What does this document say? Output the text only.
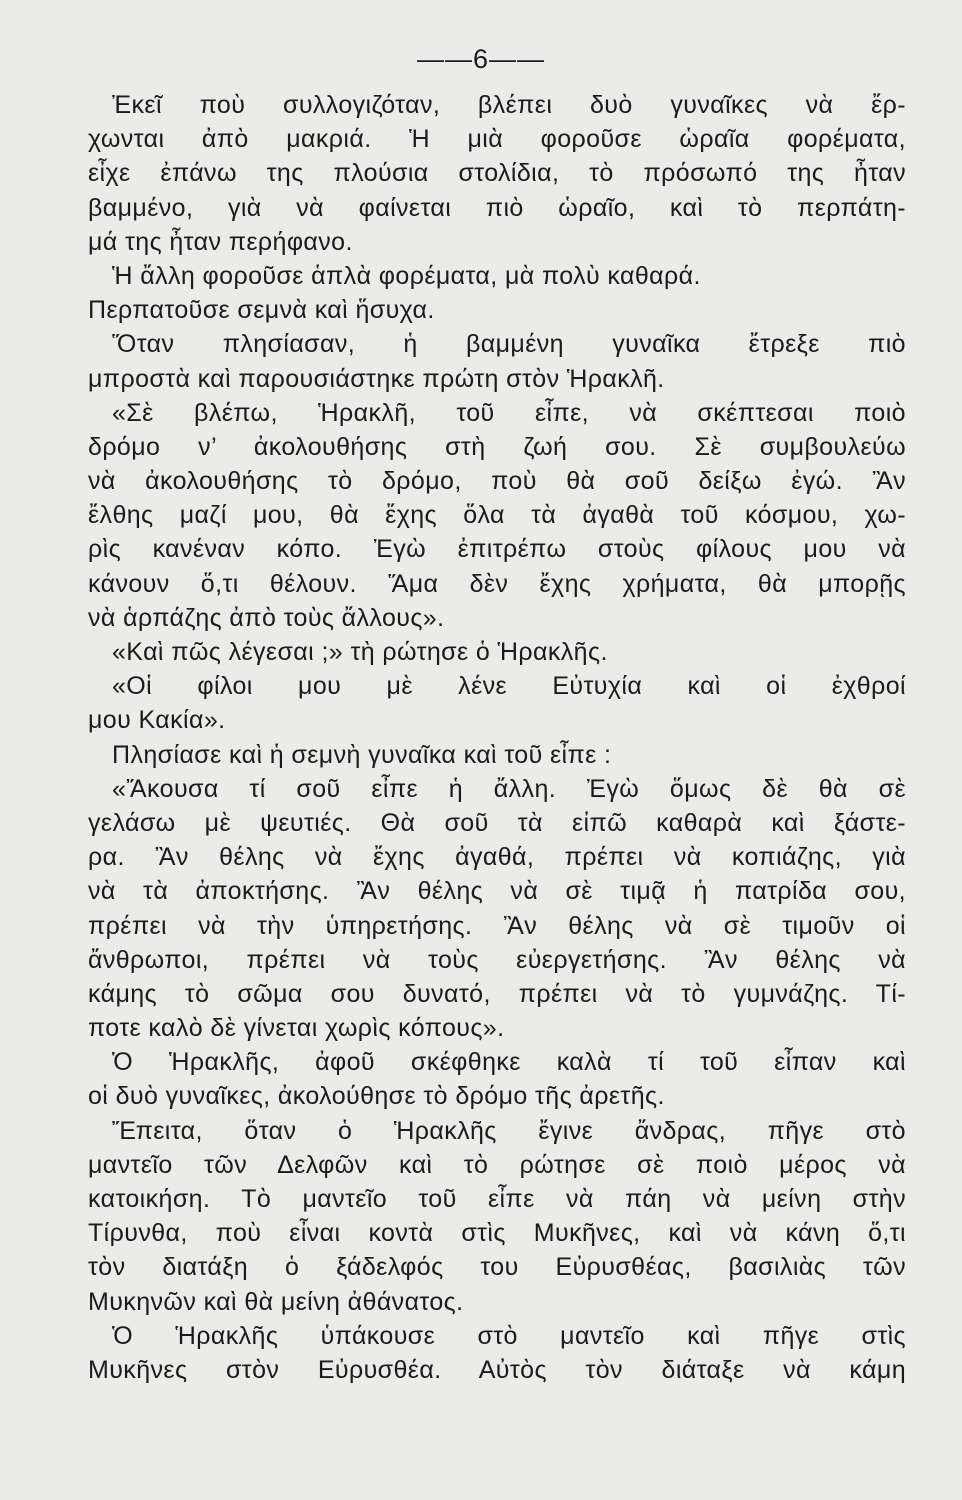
——6——
Ἐκεῖ ποὺ συλλογιζόταν, βλέπει δυὸ γυναῖκες νὰ ἔρ-
χωνται ἀπὸ μακριά. Ἡ μιὰ φοροῦσε ὡραῖα φορέματα,
εἶχε ἐπάνω της πλούσια στολίδια, τὸ πρόσωπό της ἦταν
βαμμένο, γιὰ νὰ φαίνεται πιὸ ὡραῖο, καὶ τὸ περπάτη-
μά της ἦταν περήφανο.
Ἡ ἄλλη φοροῦσε ἁπλὰ φορέματα, μὰ πολὺ καθαρά.
Περπατοῦσε σεμνὰ καὶ ἥσυχα.
Ὅταν πλησίασαν, ἡ βαμμένη γυναῖκα ἔτρεξε πιὸ
μπροστὰ καὶ παρουσιάστηκε πρώτη στὸν Ἡρακλῆ.
«Σὲ βλέπω, Ἡρακλῆ, τοῦ εἶπε, νὰ σκέπτεσαι ποιὸ
δρόμο ν’ ἀκολουθήσης στὴ ζωή σου. Σὲ συμβουλεύω
νὰ ἀκολουθήσης τὸ δρόμο, ποὺ θὰ σοῦ δείξω ἐγώ. Ἂν
ἔλθης μαζί μου, θὰ ἔχης ὅλα τὰ ἀγαθὰ τοῦ κόσμου, χω-
ρὶς κανέναν κόπο. Ἐγὼ ἐπιτρέπω στοὺς φίλους μου νὰ
κάνουν ὅ,τι θέλουν. Ἅμα δὲν ἔχης χρήματα, θὰ μπορῇς
νὰ ἁρπάζης ἀπὸ τοὺς ἄλλους».
«Καὶ πῶς λέγεσαι ;» τὴ ρώτησε ὁ Ἡρακλῆς.
«Οἱ φίλοι μου μὲ λένε Εὐτυχία καὶ οἱ ἐχθροί
μου Κακία».
Πλησίασε καὶ ἡ σεμνὴ γυναῖκα καὶ τοῦ εἶπε :
«Ἄκουσα τί σοῦ εἶπε ἡ ἄλλη. Ἐγὼ ὅμως δὲ θὰ σὲ
γελάσω μὲ ψευτιές. Θὰ σοῦ τὰ εἰπῶ καθαρὰ καὶ ξάστε-
ρα. Ἂν θέλης νὰ ἔχης ἀγαθά, πρέπει νὰ κοπιάζης, γιὰ
νὰ τὰ ἀποκτήσης. Ἂν θέλης νὰ σὲ τιμᾷ ἡ πατρίδα σου,
πρέπει νὰ τὴν ὑπηρετήσης. Ἂν θέλης νὰ σὲ τιμοῦν οἱ
ἄνθρωποι, πρέπει νὰ τοὺς εὐεργετήσης. Ἂν θέλης νὰ
κάμης τὸ σῶμα σου δυνατό, πρέπει νὰ τὸ γυμνάζης. Τί-
ποτε καλὸ δὲ γίνεται χωρὶς κόπους».
Ὁ Ἡρακλῆς, ἀφοῦ σκέφθηκε καλὰ τί τοῦ εἶπαν καὶ
οἱ δυὸ γυναῖκες, ἀκολούθησε τὸ δρόμο τῆς ἀρετῆς.
Ἔπειτα, ὅταν ὁ Ἡρακλῆς ἔγινε ἄνδρας, πῆγε στὸ
μαντεῖο τῶν Δελφῶν καὶ τὸ ρώτησε σὲ ποιὸ μέρος νὰ
κατοικήση. Τὸ μαντεῖο τοῦ εἶπε νὰ πάη νὰ μείνη στὴν
Τίρυνθα, ποὺ εἶναι κοντὰ στὶς Μυκῆνες, καὶ νὰ κάνη ὅ,τι
τὸν διατάξη ὁ ξάδελφός του Εὐρυσθέας, βασιλιὰς τῶν
Μυκηνῶν καὶ θὰ μείνη ἀθάνατος.
Ὁ Ἡρακλῆς ὑπάκουσε στὸ μαντεῖο καὶ πῆγε στὶς
Μυκῆνες στὸν Εὐρυσθέα. Αὐτὸς τὸν διάταξε νὰ κάμη
